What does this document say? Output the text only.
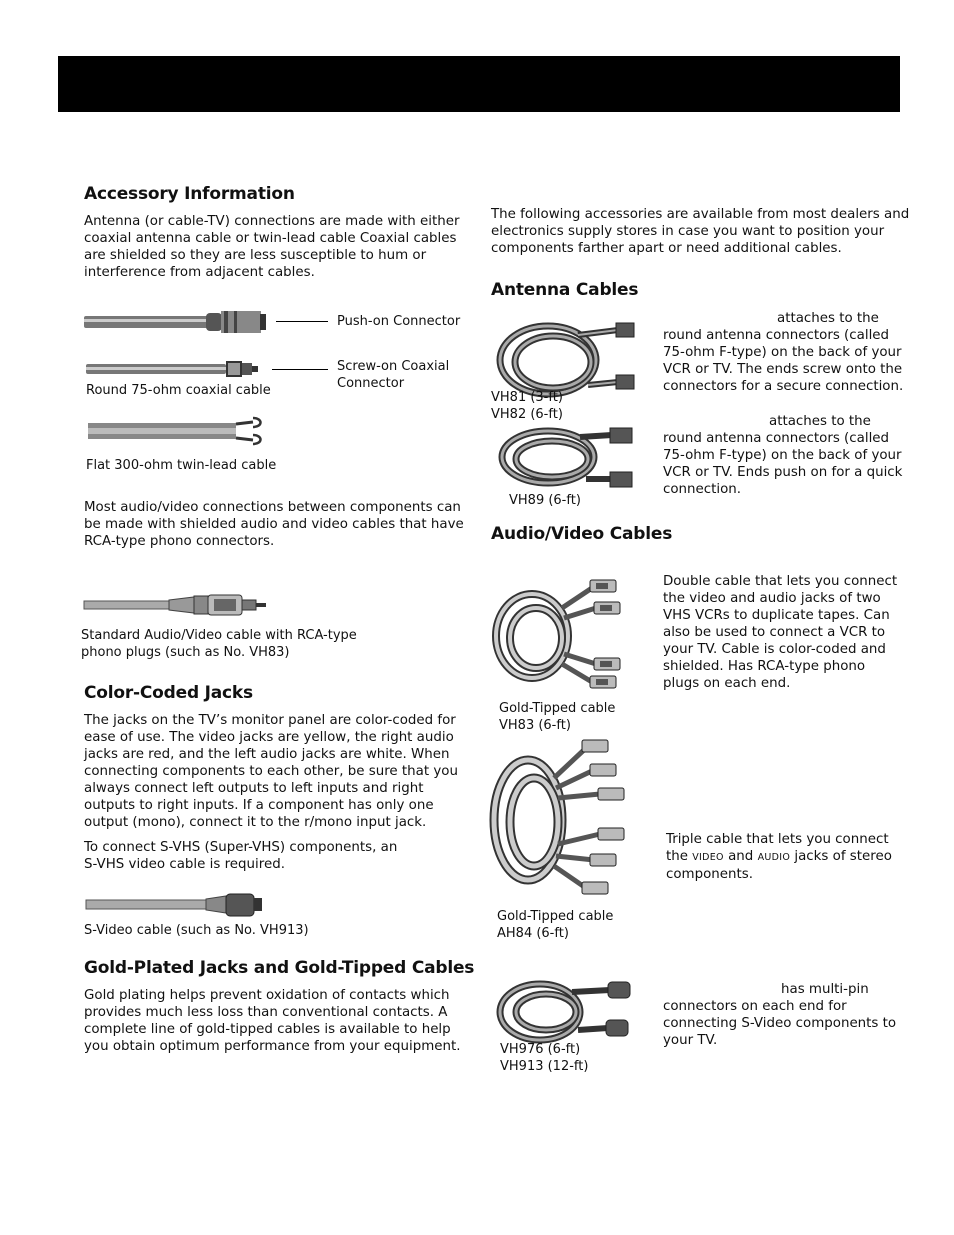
Accessory Information

Antenna (or cable-TV) connections are made with either
coaxial antenna cable or twin-lead cable Coaxial cables
are shielded so they are less susceptible to hum or
interference from adjacent cables.

Push-on Connector
Screw-on Coaxial
Connector
Round 75-ohm coaxial cable
Flat 300-ohm twin-lead cable

Most audio/video connections between components can
be made with shielded audio and video cables that have
RCA-type phono connectors.

Standard Audio/Video cable with RCA-type
phono plugs (such as No. VH83)
Color-Coded Jacks

The jacks on the TV’s monitor panel are color-coded for
ease of use. The video jacks are yellow, the right audio
jacks are red, and the left audio jacks are white. When
connecting components to each other, be sure that you
always connect left outputs to left inputs and right
outputs to right inputs. If a component has only one
output (mono), connect it to the r/mono input jack.

To connect S-VHS (Super-VHS) components, an
S-VHS video cable is required.

S-Video cable (such as No. VH913)
Gold-Plated Jacks and Gold-Tipped Cables

Gold plating helps prevent oxidation of contacts which
provides much less loss than conventional contacts. A
complete line of gold-tipped cables is available to help
you obtain optimum performance from your equipment.

The following accessories are available from most dealers and
electronics supply stores in case you want to position your
components farther apart or need additional cables.

Antenna Cables
VH81 (3-ft)
VH82 (6-ft)

attaches to the
round antenna connectors (called
75-ohm F-type) on the back of your
VCR or TV. The ends screw onto the
connectors for a secure connection.

VH89 (6-ft)

attaches to the
round antenna connectors (called
75-ohm F-type) on the back of your
VCR or TV. Ends push on for a quick
connection.

Audio/Video Cables
Gold-Tipped cable
VH83 (6-ft)

Double cable that lets you connect
the video and audio jacks of two
VHS VCRs to duplicate tapes. Can
also be used to connect a VCR to
your TV. Cable is color-coded and
shielded. Has RCA-type phono
plugs on each end.

Gold-Tipped cable
AH84 (6-ft)

Triple cable that lets you connect

the VIDEO and AUDIO jacks of stereo

components.

VH976 (6-ft)
VH913 (12-ft)

has multi-pin
connectors on each end for
connecting S-Video components to
your TV.
